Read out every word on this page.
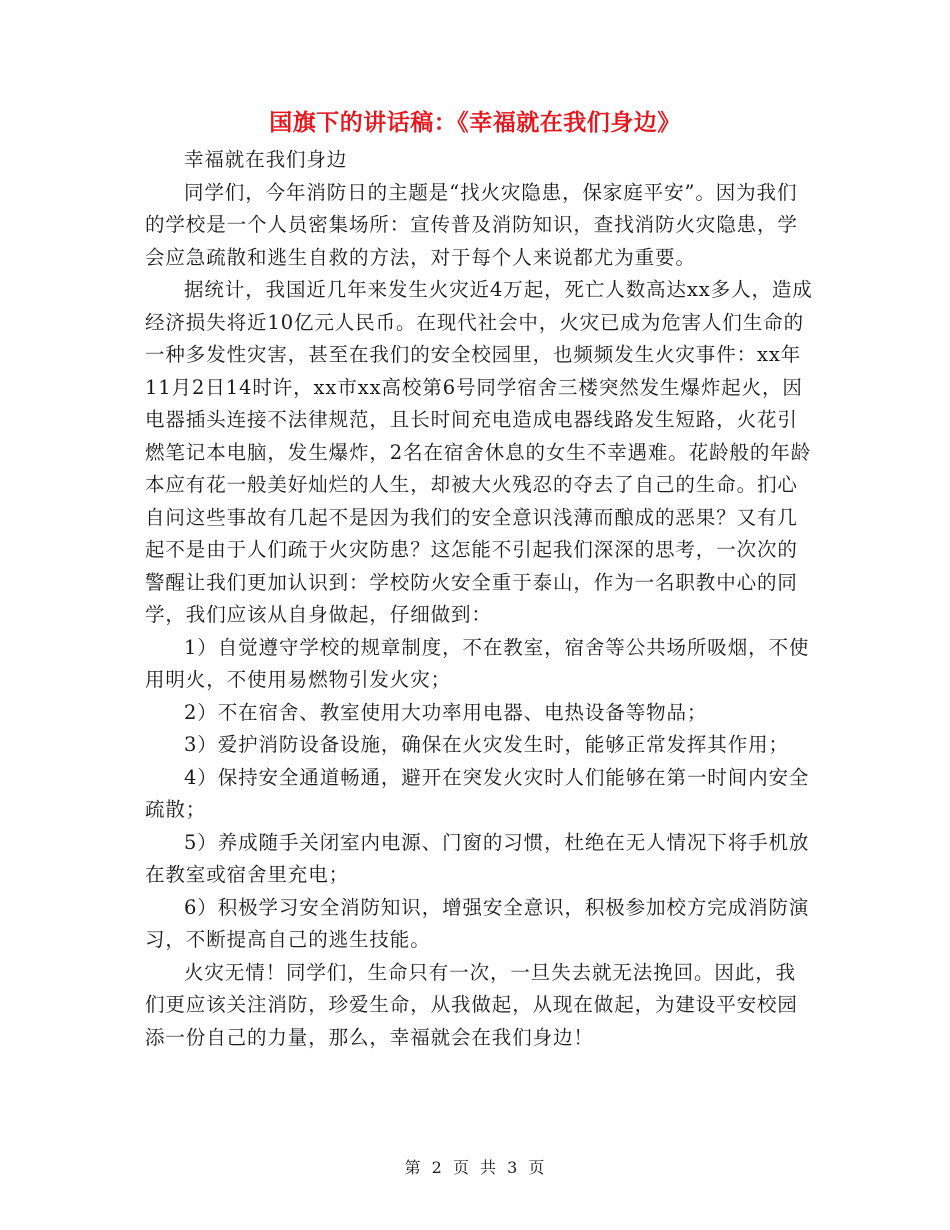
国旗下的讲话稿：《幸福就在我们身边》

幸福就在我们身边

同学们，今年消防日的主题是“找火灾隐患，保家庭平安”。因为我们的学校是一个人员密集场所：宣传普及消防知识，查找消防火灾隐患，学会应急疏散和逃生自救的方法，对于每个人来说都尤为重要。

据统计，我国近几年来发生火灾近4万起，死亡人数高达xx多人，造成经济损失将近10亿元人民币。在现代社会中，火灾已成为危害人们生命的一种多发性灾害，甚至在我们的安全校园里，也频频发生火灾事件：xx年11月2日14时许，xx市xx高校第6号同学宿舍三楼突然发生爆炸起火，因电器插头连接不法律规范，且长时间充电造成电器线路发生短路，火花引燃笔记本电脑，发生爆炸，2名在宿舍休息的女生不幸遇难。花龄般的年龄本应有花一般美好灿烂的人生，却被大火残忍的夺去了自己的生命。扪心自问这些事故有几起不是因为我们的安全意识浅薄而酿成的恶果？又有几起不是由于人们疏于火灾防患？这怎能不引起我们深深的思考，一次次的警醒让我们更加认识到：学校防火安全重于泰山，作为一名职教中心的同学，我们应该从自身做起，仔细做到：

1）自觉遵守学校的规章制度，不在教室，宿舍等公共场所吸烟，不使用明火，不使用易燃物引发火灾；

2）不在宿舍、教室使用大功率用电器、电热设备等物品；

3）爱护消防设备设施，确保在火灾发生时，能够正常发挥其作用；

4）保持安全通道畅通，避开在突发火灾时人们能够在第一时间内安全疏散；

5）养成随手关闭室内电源、门窗的习惯，杜绝在无人情况下将手机放在教室或宿舍里充电；

6）积极学习安全消防知识，增强安全意识，积极参加校方完成消防演习，不断提高自己的逃生技能。

火灾无情！同学们，生命只有一次，一旦失去就无法挽回。因此，我们更应该关注消防，珍爱生命，从我做起，从现在做起，为建设平安校园添一份自己的力量，那么，幸福就会在我们身边！

第 2 页 共 3 页
